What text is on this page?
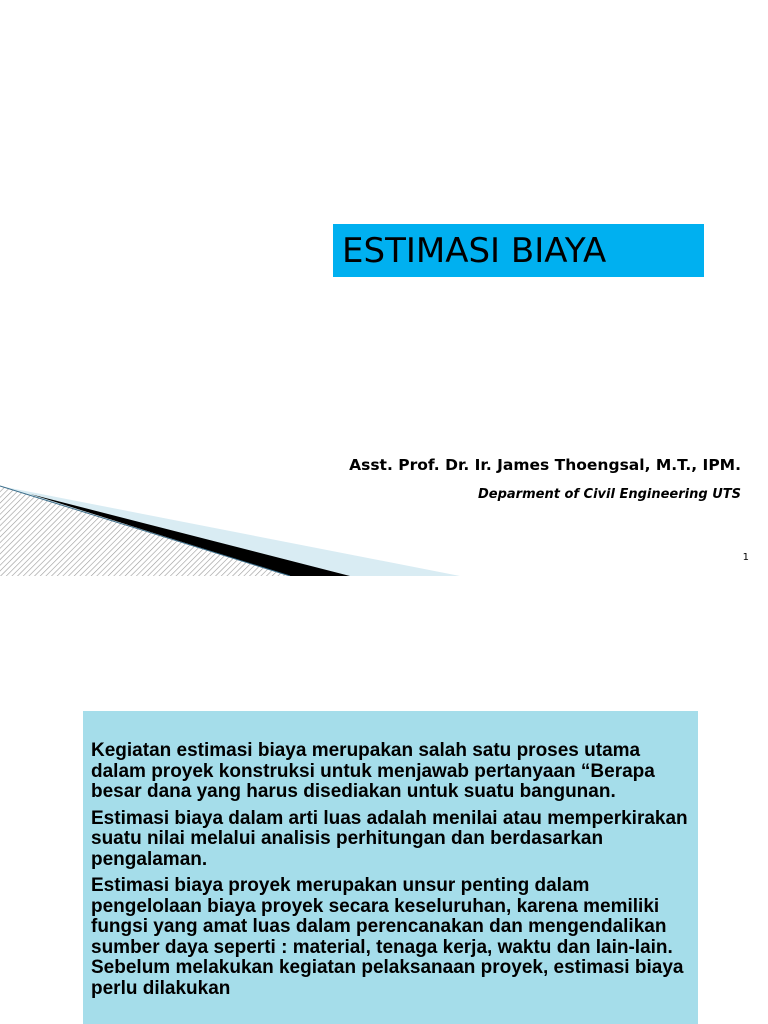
ESTIMASI BIAYA
Asst. Prof. Dr. Ir. James Thoengsal, M.T., IPM.
Deparment of Civil Engineering UTS
1

Kegiatan estimasi biaya merupakan salah satu proses utama dalam proyek konstruksi untuk menjawab pertanyaan “Berapa besar dana yang harus disediakan untuk suatu bangunan.

Estimasi biaya dalam arti luas adalah menilai atau memperkirakan suatu nilai melalui analisis perhitungan dan berdasarkan pengalaman.

Estimasi biaya proyek merupakan unsur penting dalam pengelolaan biaya proyek secara keseluruhan, karena memiliki fungsi yang amat luas dalam perencanakan dan mengendalikan sumber daya seperti : material, tenaga kerja, waktu dan lain-lain. Sebelum melakukan kegiatan pelaksanaan proyek, estimasi biaya perlu dilakukan
